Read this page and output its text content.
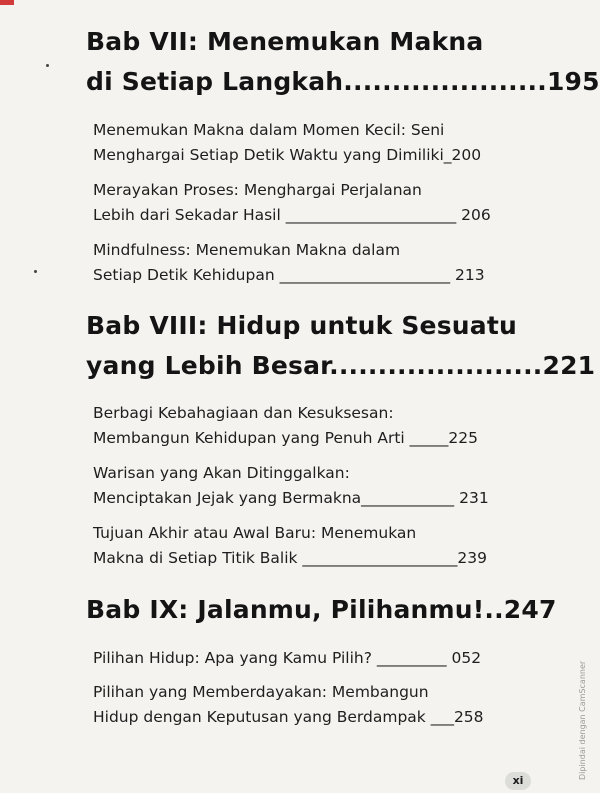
Bab VII: Menemukan Makna
di Setiap Langkah.....................195
Menemukan Makna dalam Momen Kecil: Seni
Menghargai Setiap Detik Waktu yang Dimiliki_200
Merayakan Proses: Menghargai Perjalanan
Lebih dari Sekadar Hasil ______________________ 206
Mindfulness: Menemukan Makna dalam
Setiap Detik Kehidupan ______________________ 213
Bab VIII: Hidup untuk Sesuatu
yang Lebih Besar......................221
Berbagi Kebahagiaan dan Kesuksesan:
Membangun Kehidupan yang Penuh Arti _____225
Warisan yang Akan Ditinggalkan:
Menciptakan Jejak yang Bermakna____________ 231
Tujuan Akhir atau Awal Baru: Menemukan
Makna di Setiap Titik Balik ____________________239
Bab IX: Jalanmu, Pilihanmu!..247
Pilihan Hidup: Apa yang Kamu Pilih? _________ 052
Pilihan yang Memberdayakan: Membangun
Hidup dengan Keputusan yang Berdampak ___258	Dipindai dengan CamScanner
xi
